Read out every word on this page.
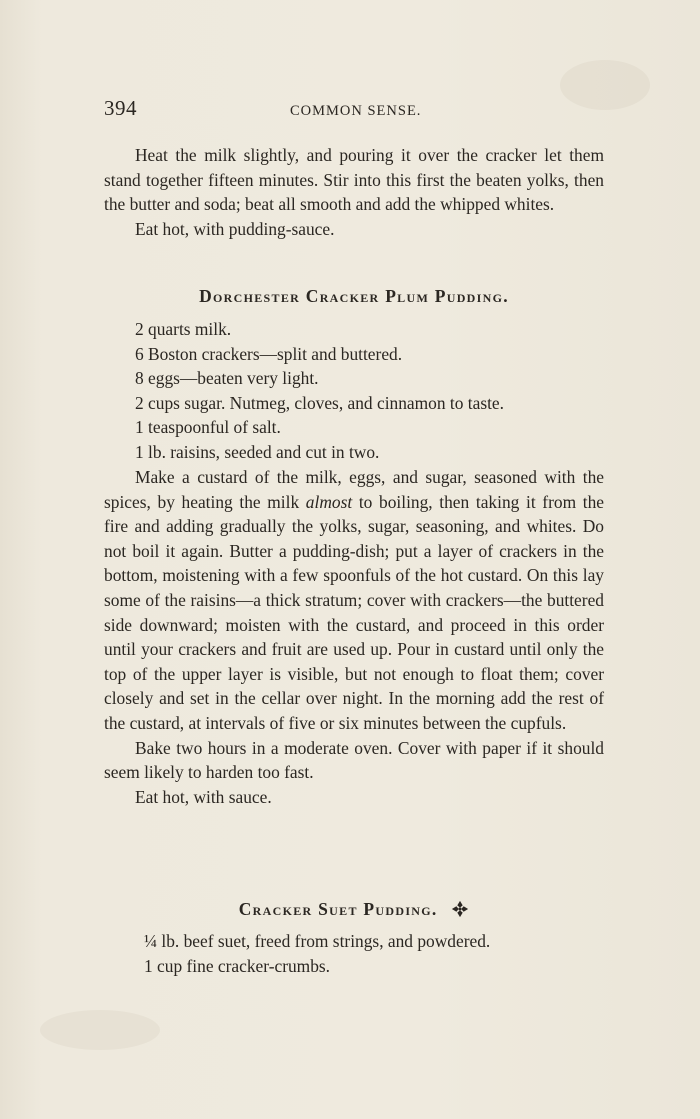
394	COMMON SENSE.

Heat the milk slightly, and pouring it over the cracker let them stand together fifteen minutes. Stir into this first the beaten yolks, then the butter and soda; beat all smooth and add the whipped whites.

Eat hot, with pudding-sauce.

Dorchester Cracker Plum Pudding.

2 quarts milk.

6 Boston crackers—split and buttered.

8 eggs—beaten very light.

2 cups sugar. Nutmeg, cloves, and cinnamon to taste.

1 teaspoonful of salt.

1 lb. raisins, seeded and cut in two.

Make a custard of the milk, eggs, and sugar, seasoned with the spices, by heating the milk almost to boiling, then taking it from the fire and adding gradually the yolks, sugar, seasoning, and whites. Do not boil it again. Butter a pudding-dish; put a layer of crackers in the bottom, moistening with a few spoonfuls of the hot custard. On this lay some of the raisins—a thick stratum; cover with crackers—the buttered side downward; moisten with the custard, and proceed in this order until your crackers and fruit are used up. Pour in custard until only the top of the upper layer is visible, but not enough to float them; cover closely and set in the cellar over night. In the morning add the rest of the custard, at intervals of five or six minutes between the cupfuls.

Bake two hours in a moderate oven. Cover with paper if it should seem likely to harden too fast.

Eat hot, with sauce.

Cracker Suet Pudding.

¼ lb. beef suet, freed from strings, and powdered.

1 cup fine cracker-crumbs.
